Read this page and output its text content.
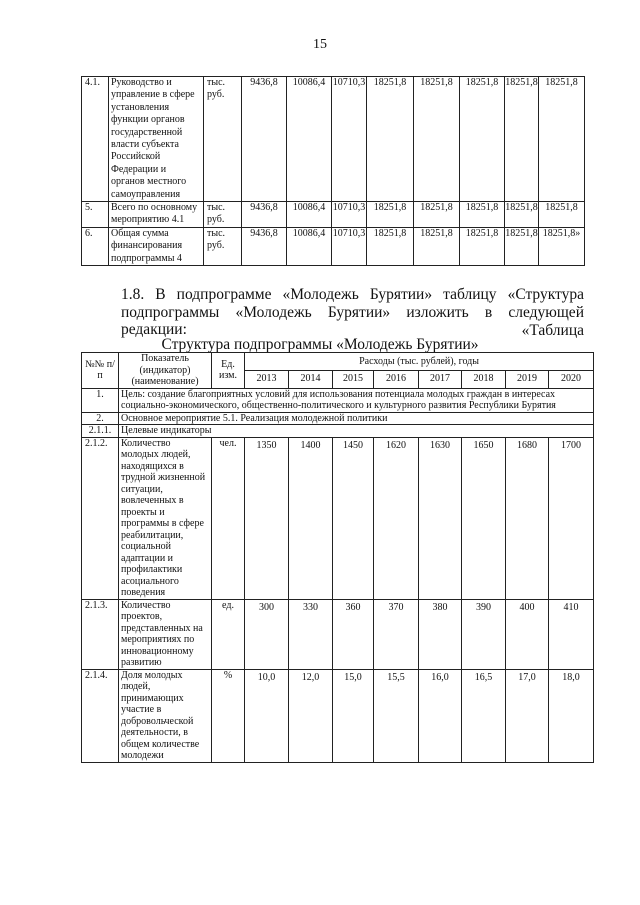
15
4.1.	Руководство и управление в сфере установления функции органов государственной власти субъекта Российской Федерации и органов местного самоуправления	тыс. руб.	9436,8	10086,4	10710,3	18251,8	18251,8	18251,8	18251,8	18251,8
5.	Всего по основному мероприятию 4.1	тыс. руб.	9436,8	10086,4	10710,3	18251,8	18251,8	18251,8	18251,8	18251,8
6.	Общая сумма финансирования подпрограммы 4	тыс. руб.	9436,8	10086,4	10710,3	18251,8	18251,8	18251,8	18251,8	18251,8»
1.8. В подпрограмме «Молодежь Бурятии» таблицу «Структура подпрограммы «Молодежь Бурятии» изложить в следующей редакции:	«Таблица
Структура подпрограммы «Молодежь Бурятии»
№№ п/п	Показатель (индикатор) (наименование)	Ед. изм.	Расходы (тыс. рублей), годы							
			2013	2014	2015	2016	2017	2018	2019	2020
1.	Цель: создание благоприятных условий для использования потенциала молодых граждан в интересах социально-экономического, общественно-политического и культурного развития Республики Бурятия									
2.	Основное мероприятие 5.1. Реализация молодежной политики									
2.1.1.	Целевые индикаторы									
2.1.2.	Количество молодых людей, находящихся в трудной жизненной ситуации, вовлеченных в проекты и программы в сфере реабилитации, социальной адаптации и профилактики асоциального поведения	чел.	1350	1400	1450	1620	1630	1650	1680	1700
2.1.3.	Количество проектов, представленных на мероприятиях по инновационному развитию	ед.	300	330	360	370	380	390	400	410
2.1.4.	Доля молодых людей, принимающих участие в добровольческой деятельности, в общем количестве молодежи	%	10,0	12,0	15,0	15,5	16,0	16,5	17,0	18,0
